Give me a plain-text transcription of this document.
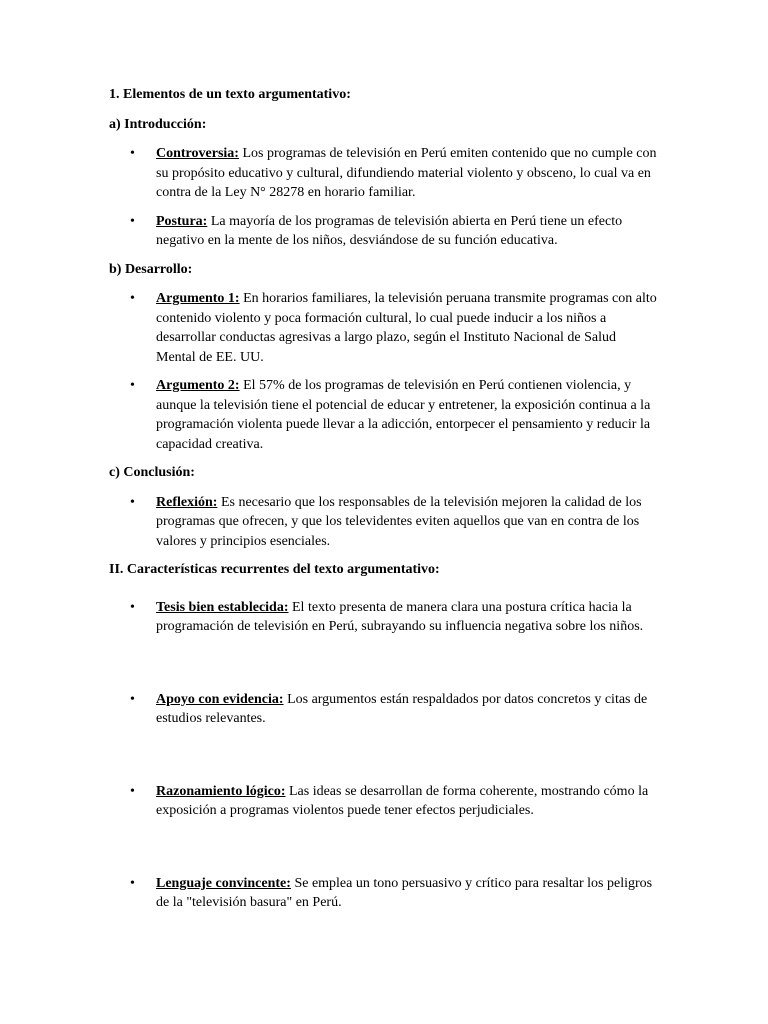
1. Elementos de un texto argumentativo:

a) Introducción:

• Controversia: Los programas de televisión en Perú emiten contenido que no cumple con su propósito educativo y cultural, difundiendo material violento y obsceno, lo cual va en contra de la Ley N° 28278 en horario familiar.
• Postura: La mayoría de los programas de televisión abierta en Perú tiene un efecto negativo en la mente de los niños, desviándose de su función educativa.

b) Desarrollo:

• Argumento 1: En horarios familiares, la televisión peruana transmite programas con alto contenido violento y poca formación cultural, lo cual puede inducir a los niños a desarrollar conductas agresivas a largo plazo, según el Instituto Nacional de Salud Mental de EE. UU.
• Argumento 2: El 57% de los programas de televisión en Perú contienen violencia, y aunque la televisión tiene el potencial de educar y entretener, la exposición continua a la programación violenta puede llevar a la adicción, entorpecer el pensamiento y reducir la capacidad creativa.

c) Conclusión:

• Reflexión: Es necesario que los responsables de la televisión mejoren la calidad de los programas que ofrecen, y que los televidentes eviten aquellos que van en contra de los valores y principios esenciales.

II. Características recurrentes del texto argumentativo:

• Tesis bien establecida: El texto presenta de manera clara una postura crítica hacia la programación de televisión en Perú, subrayando su influencia negativa sobre los niños.
• Apoyo con evidencia: Los argumentos están respaldados por datos concretos y citas de estudios relevantes.
• Razonamiento lógico: Las ideas se desarrollan de forma coherente, mostrando cómo la exposición a programas violentos puede tener efectos perjudiciales.
• Lenguaje convincente: Se emplea un tono persuasivo y crítico para resaltar los peligros de la "televisión basura" en Perú.
